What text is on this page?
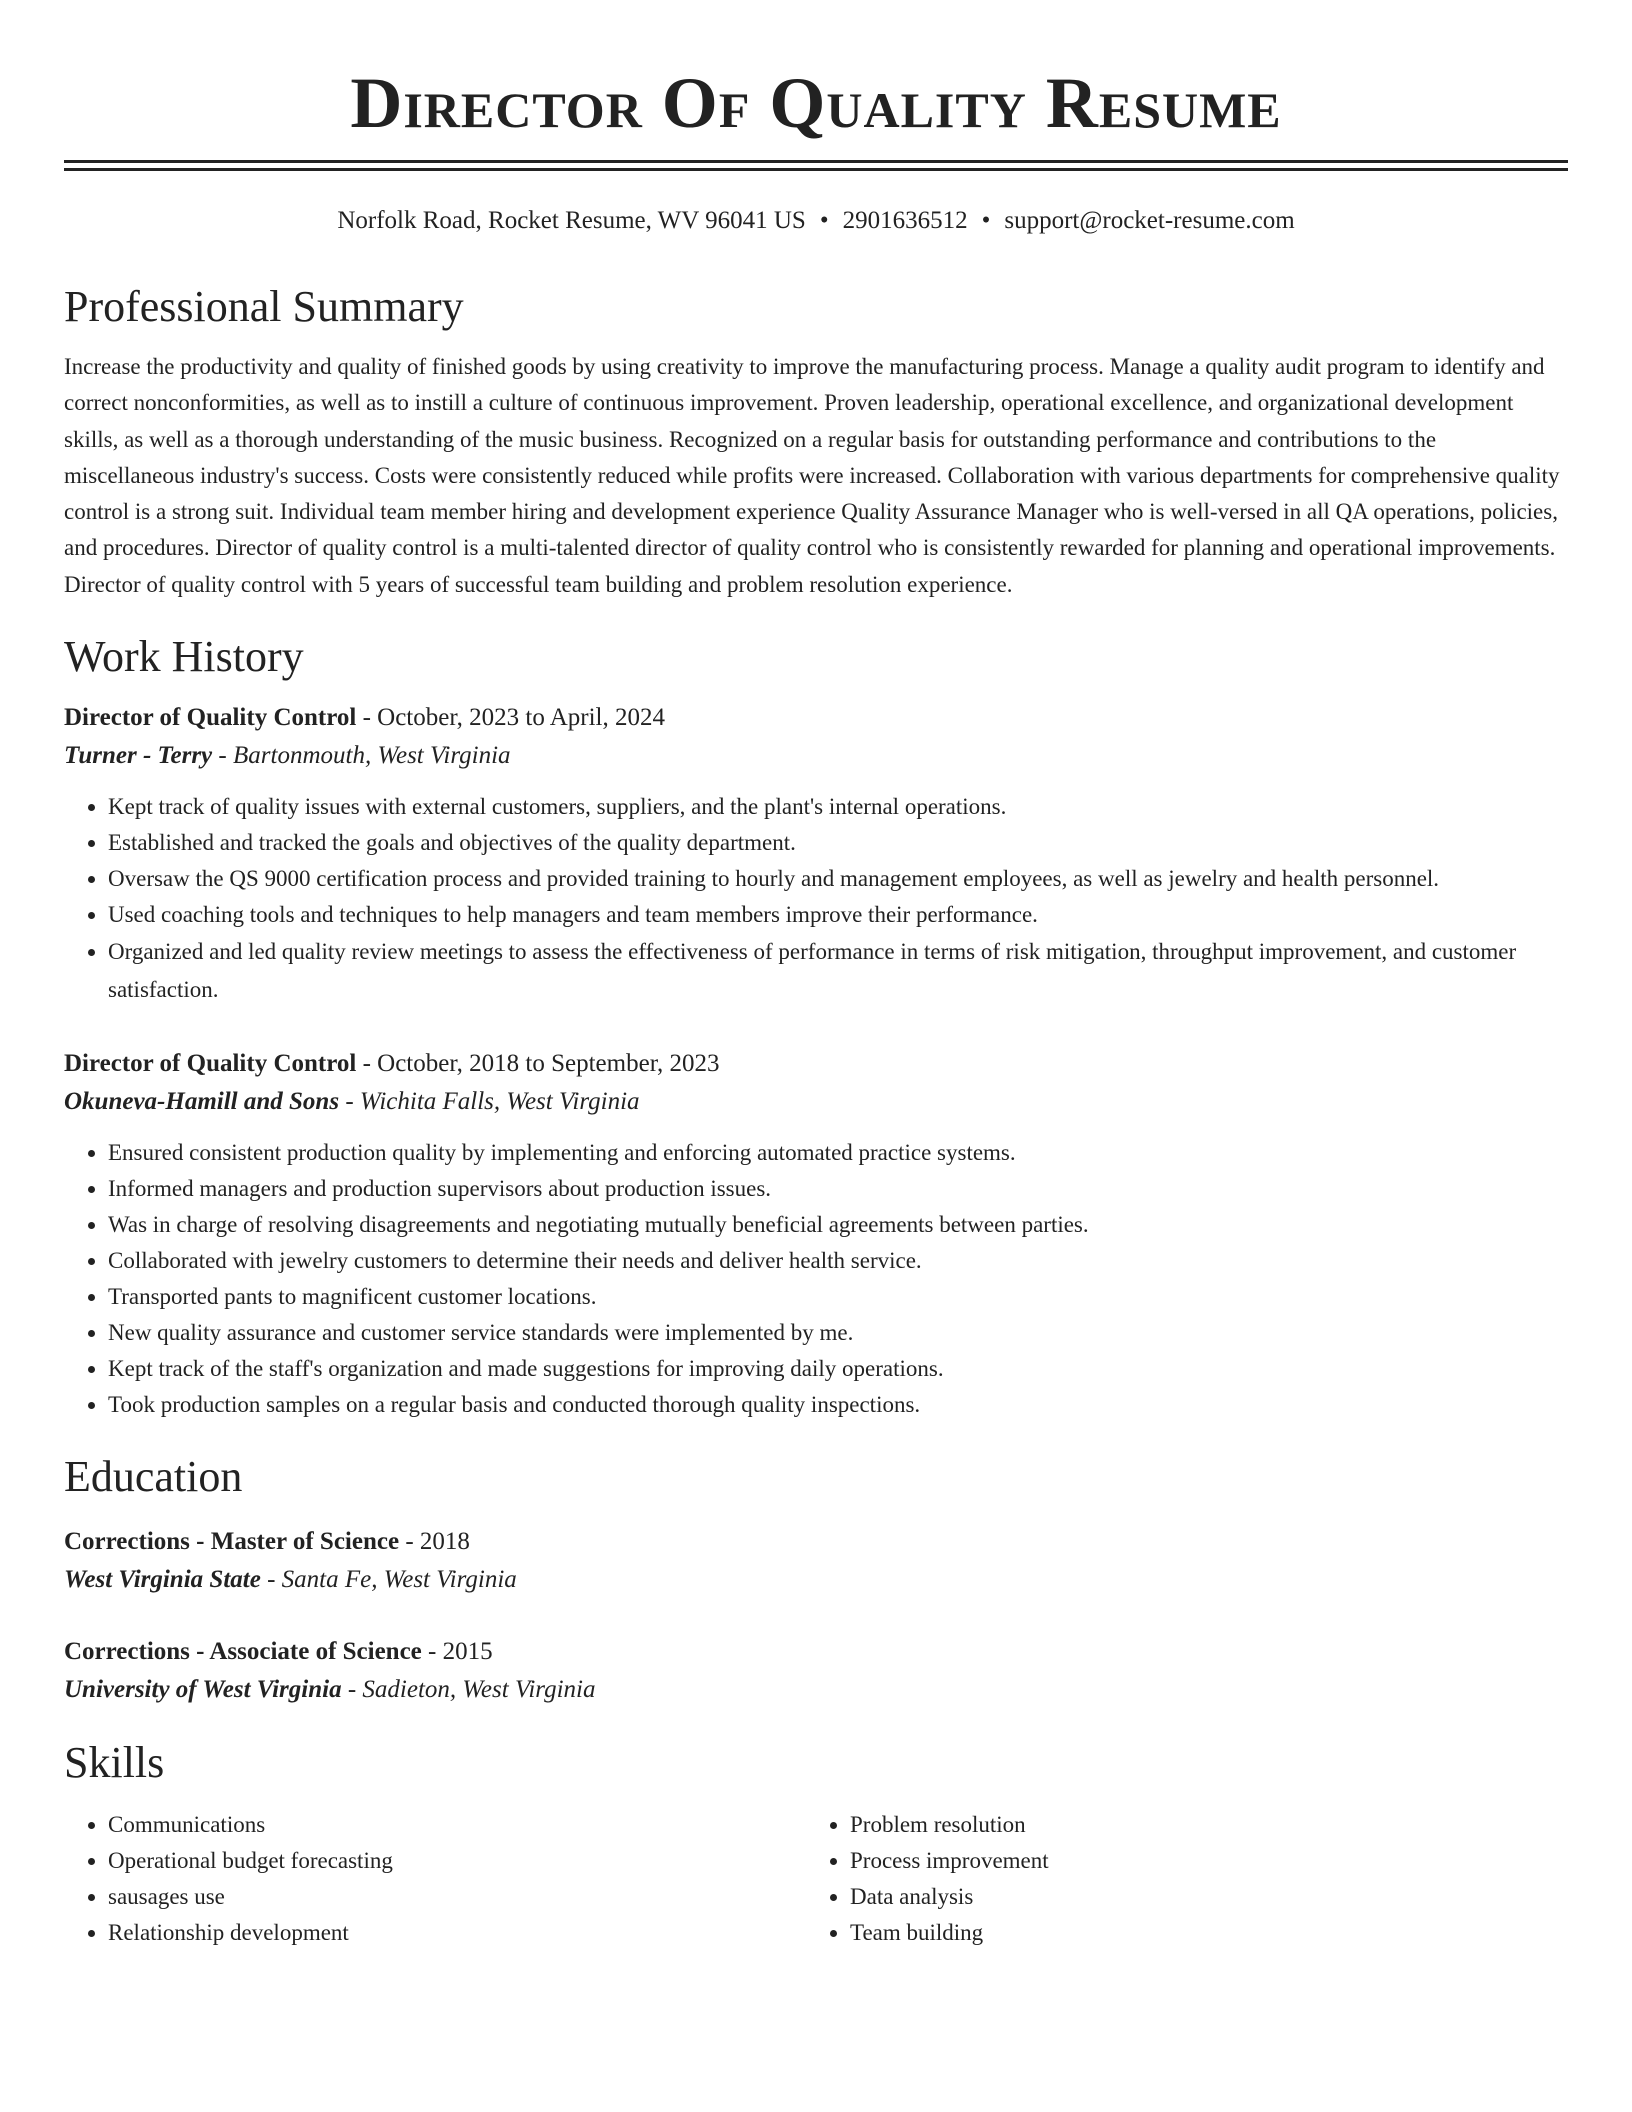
Director Of Quality Resume
Norfolk Road, Rocket Resume, WV 96041 US • 2901636512 • support@rocket-resume.com
Professional Summary

Increase the productivity and quality of finished goods by using creativity to improve the manufacturing process. Manage a quality audit program to identify and correct nonconformities, as well as to instill a culture of continuous improvement. Proven leadership, operational excellence, and organizational development skills, as well as a thorough understanding of the music business. Recognized on a regular basis for outstanding performance and contributions to the miscellaneous industry's success. Costs were consistently reduced while profits were increased. Collaboration with various departments for comprehensive quality control is a strong suit. Individual team member hiring and development experience Quality Assurance Manager who is well-versed in all QA operations, policies, and procedures. Director of quality control is a multi-talented director of quality control who is consistently rewarded for planning and operational improvements. Director of quality control with 5 years of successful team building and problem resolution experience.

Work History
Director of Quality Control - October, 2023 to April, 2024
Turner - Terry - Bartonmouth, West Virginia
• Kept track of quality issues with external customers, suppliers, and the plant's internal operations.
• Established and tracked the goals and objectives of the quality department.
• Oversaw the QS 9000 certification process and provided training to hourly and management employees, as well as jewelry and health personnel.
• Used coaching tools and techniques to help managers and team members improve their performance.
• Organized and led quality review meetings to assess the effectiveness of performance in terms of risk mitigation, throughput improvement, and customer satisfaction.
Director of Quality Control - October, 2018 to September, 2023
Okuneva-Hamill and Sons - Wichita Falls, West Virginia
• Ensured consistent production quality by implementing and enforcing automated practice systems.
• Informed managers and production supervisors about production issues.
• Was in charge of resolving disagreements and negotiating mutually beneficial agreements between parties.
• Collaborated with jewelry customers to determine their needs and deliver health service.
• Transported pants to magnificent customer locations.
• New quality assurance and customer service standards were implemented by me.
• Kept track of the staff's organization and made suggestions for improving daily operations.
• Took production samples on a regular basis and conducted thorough quality inspections.
Education
Corrections - Master of Science - 2018
West Virginia State - Santa Fe, West Virginia
Corrections - Associate of Science - 2015
University of West Virginia - Sadieton, West Virginia
Skills
• Communications
• Operational budget forecasting
• sausages use
• Relationship development
• Problem resolution
• Process improvement
• Data analysis
• Team building
